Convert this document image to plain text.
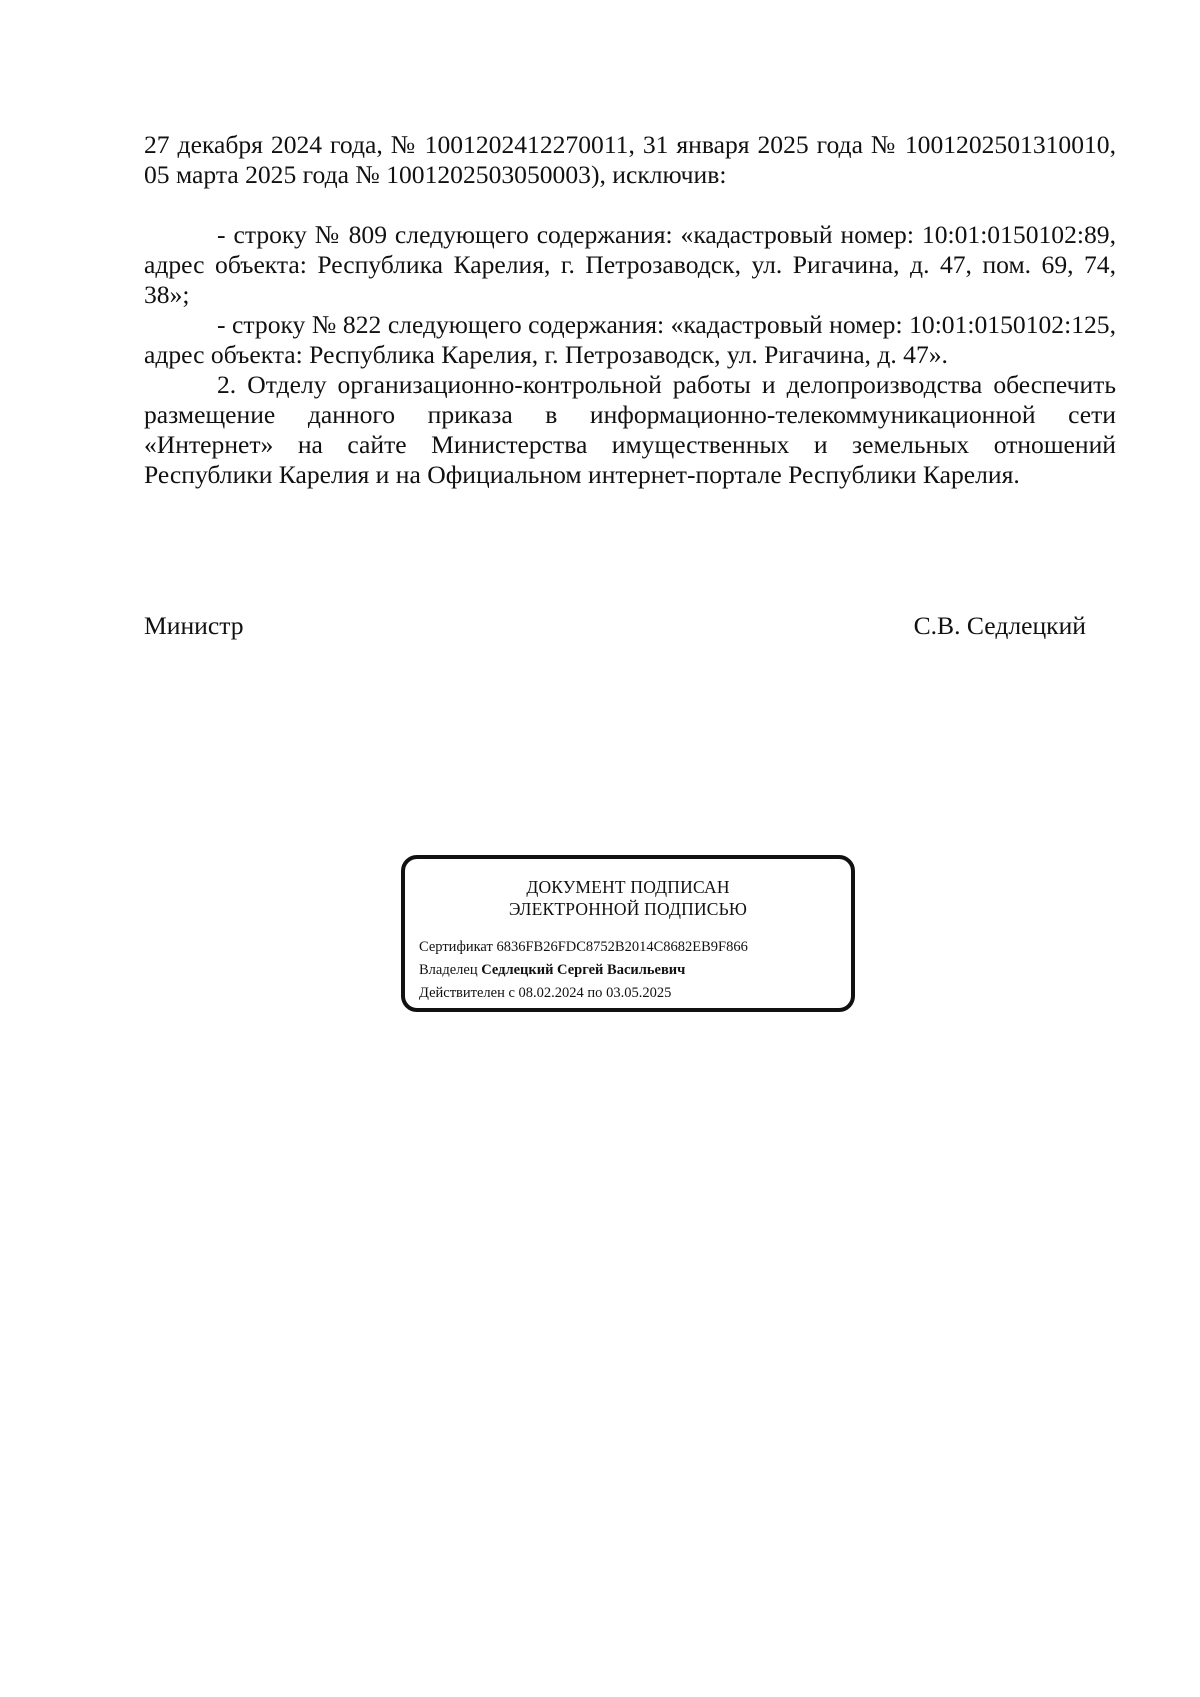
27 декабря 2024 года, № 1001202412270011, 31 января 2025 года № 1001202501310010, 05 марта 2025 года № 1001202503050003), исключив:

- строку № 809 следующего содержания: «кадастровый номер: 10:01:0150102:89, адрес объекта: Республика Карелия, г. Петрозаводск, ул. Ригачина, д. 47, пом. 69, 74, 38»;

- строку № 822 следующего содержания: «кадастровый номер: 10:01:0150102:125, адрес объекта: Республика Карелия, г. Петрозаводск, ул. Ригачина, д. 47».

2. Отделу организационно-контрольной работы и делопроизводства обеспечить размещение данного приказа в информационно-телекоммуникационной сети «Интернет» на сайте Министерства имущественных и земельных отношений Республики Карелия и на Официальном интернет-портале Республики Карелия.

Министр	С.В. Седлецкий
ДОКУМЕНТ ПОДПИСАН
ЭЛЕКТРОННОЙ ПОДПИСЬЮ
Сертификат 6836FB26FDC8752B2014C8682EB9F866
Владелец Седлецкий Сергей Васильевич
Действителен с 08.02.2024 по 03.05.2025
